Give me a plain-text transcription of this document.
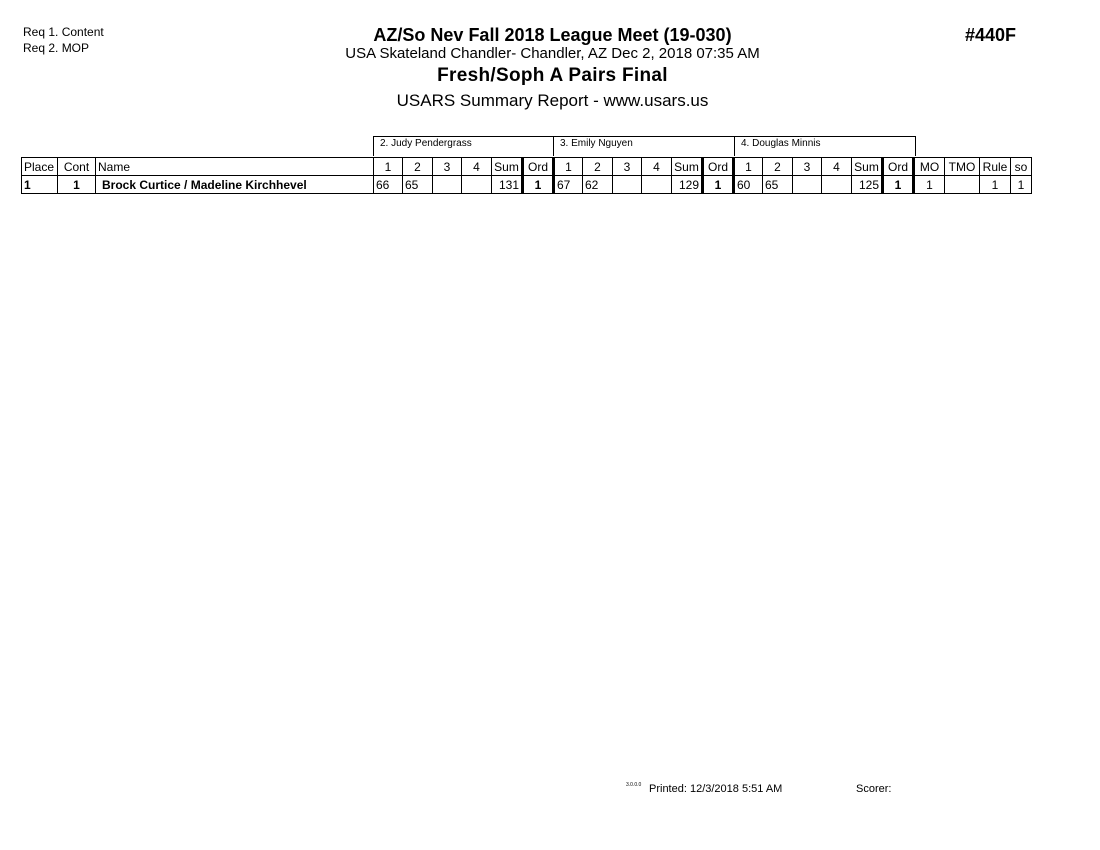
Req 1. Content
Req 2. MOP
AZ/So Nev Fall 2018 League Meet (19-030)
USA Skateland Chandler- Chandler, AZ Dec 2, 2018 07:35 AM
Fresh/Soph A Pairs Final
USARS Summary Report - www.usars.us
#440F
2. Judy Pendergrass	3. Emily Nguyen	4. Douglas Minnis
Place	Cont	Name	1	2	3	4	Sum	Ord	1	2	3	4	Sum	Ord	1	2	3	4	Sum	Ord	MO	TMO	Rule	so
1	1	Brock Curtice / Madeline Kirchhevel	66	65			131	1	67	62			129	1	60	65			125	1	1		1	1
3.0.0.0 Printed: 12/3/2018 5:51 AM	Scorer:
